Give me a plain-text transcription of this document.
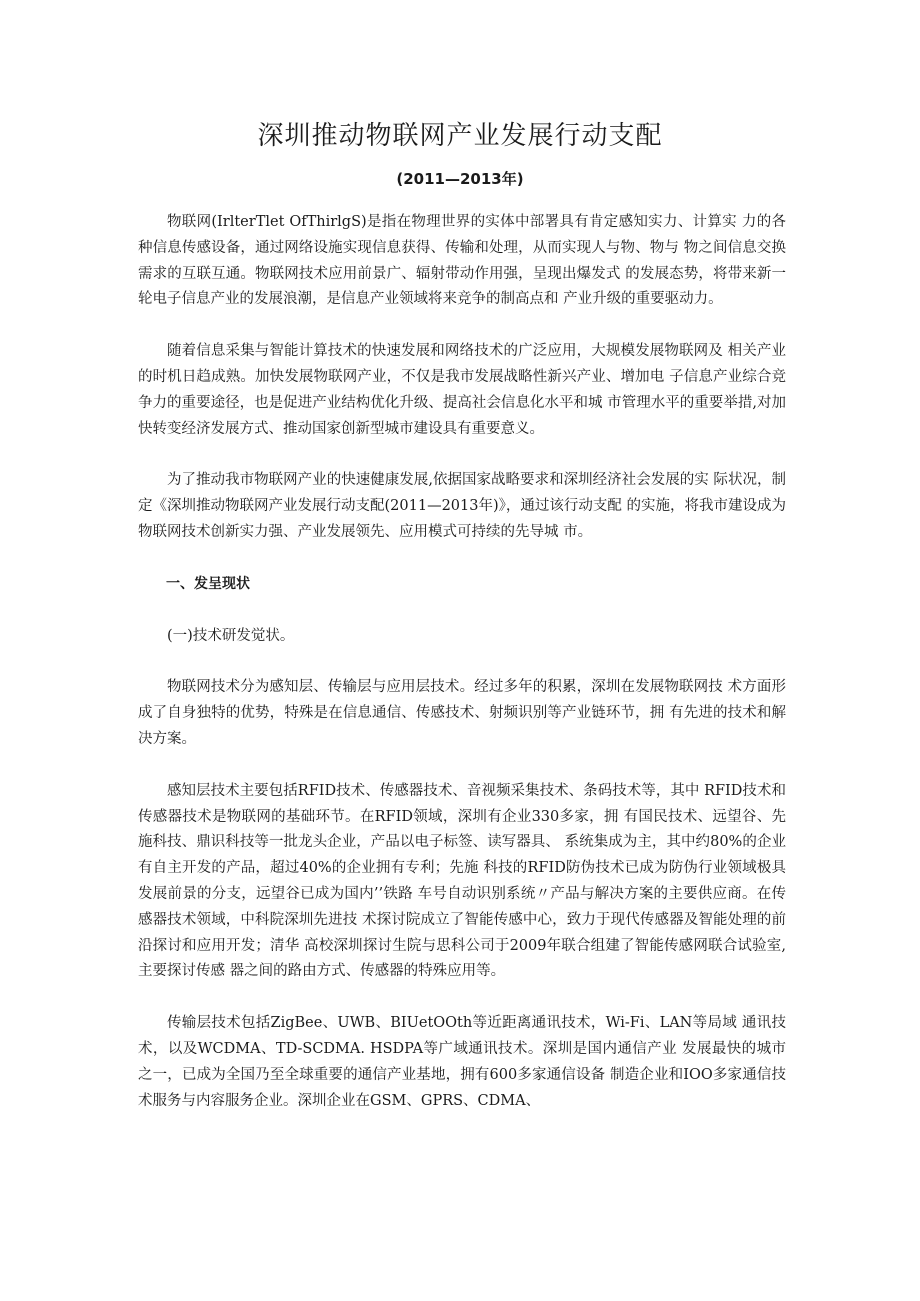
深圳推动物联网产业发展行动支配
(2011—2013年)

物联网(IrlterTlet OfThirlgS)是指在物理世界的实体中部署具有肯定感知实力、计算实 力的各种信息传感设备，通过网络设施实现信息获得、传输和处理，从而实现人与物、物与 物之间信息交换需求的互联互通。物联网技术应用前景广、辐射带动作用强，呈现出爆发式 的发展态势，将带来新一轮电子信息产业的发展浪潮，是信息产业领域将来竞争的制高点和 产业升级的重要驱动力。

随着信息采集与智能计算技术的快速发展和网络技术的广泛应用，大规模发展物联网及 相关产业的时机日趋成熟。加快发展物联网产业，不仅是我市发展战略性新兴产业、增加电 子信息产业综合竞争力的重要途径，也是促进产业结构优化升级、提高社会信息化水平和城 市管理水平的重要举措,对加快转变经济发展方式、推动国家创新型城市建设具有重要意义。

为了推动我市物联网产业的快速健康发展,依据国家战略要求和深圳经济社会发展的实 际状况，制定《深圳推动物联网产业发展行动支配(2011—2013年)》，通过该行动支配 的实施，将我市建设成为物联网技术创新实力强、产业发展领先、应用模式可持续的先导城 市。

一、发呈现状

(一)技术研发觉状。

物联网技术分为感知层、传输层与应用层技术。经过多年的积累，深圳在发展物联网技 术方面形成了自身独特的优势，特殊是在信息通信、传感技术、射频识别等产业链环节，拥 有先进的技术和解决方案。

感知层技术主要包括RFID技术、传感器技术、音视频采集技术、条码技术等，其中 RFID技术和传感器技术是物联网的基础环节。在RFID领域，深圳有企业330多家，拥 有国民技术、远望谷、先施科技、鼎识科技等一批龙头企业，产品以电子标签、读写器具、 系统集成为主，其中约80%的企业有自主开发的产品，超过40%的企业拥有专利；先施 科技的RFID防伪技术已成为防伪行业领域极具发展前景的分支，远望谷已成为国内’’铁路 车号自动识别系统〃产品与解决方案的主要供应商。在传感器技术领域，中科院深圳先进技 术探讨院成立了智能传感中心，致力于现代传感器及智能处理的前沿探讨和应用开发；清华 高校深圳探讨生院与思科公司于2009年联合组建了智能传感网联合试验室,主要探讨传感 器之间的路由方式、传感器的特殊应用等。

传输层技术包括ZigBee、UWB、BIUetOOth等近距离通讯技术，Wi-Fi、LAN等局域 通讯技术，以及WCDMA、TD-SCDMA. HSDPA等广域通讯技术。深圳是国内通信产业 发展最快的城市之一，已成为全国乃至全球重要的通信产业基地，拥有600多家通信设备 制造企业和IOO多家通信技术服务与内容服务企业。深圳企业在GSM、GPRS、CDMA、
